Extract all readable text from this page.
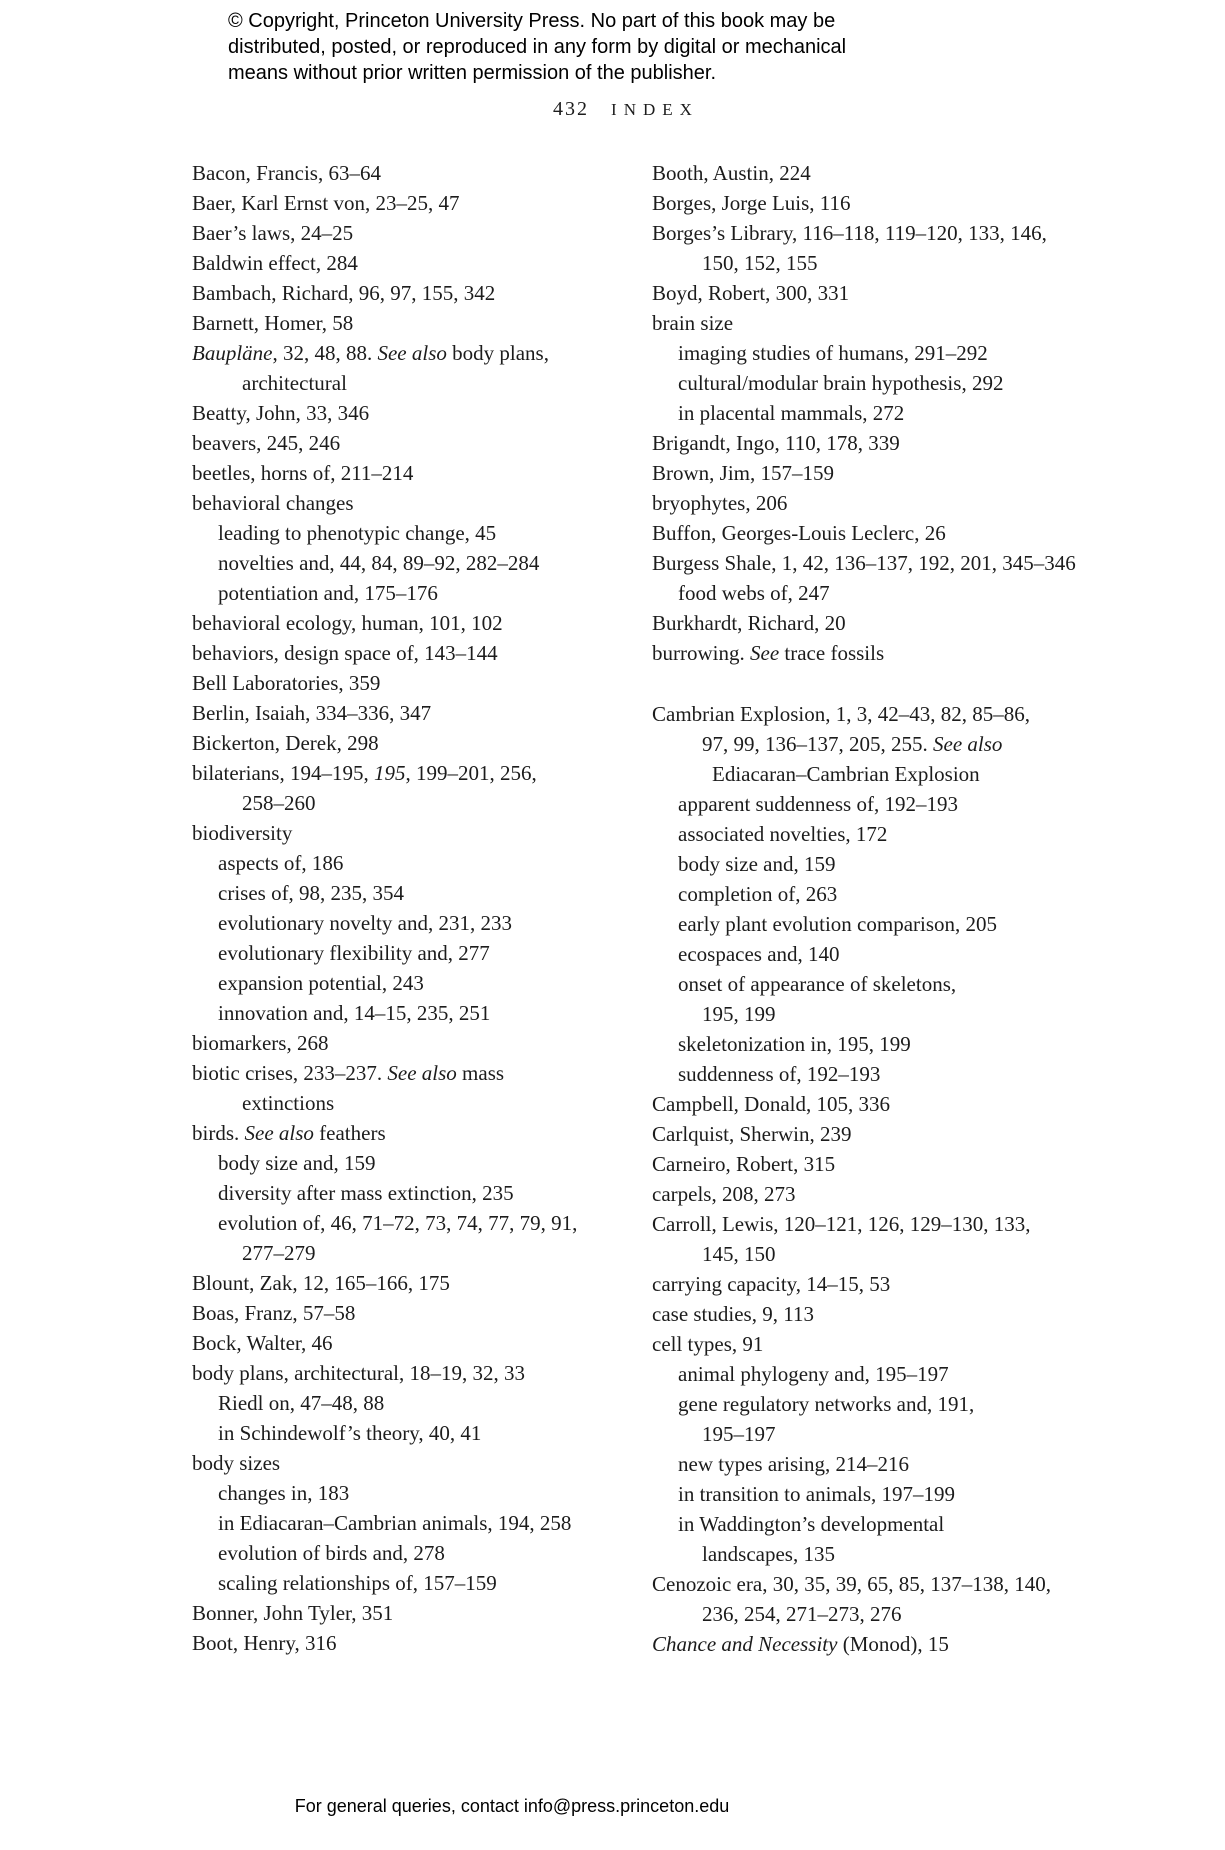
© Copyright, Princeton University Press. No part of this book may be
distributed, posted, or reproduced in any form by digital or mechanical
means without prior written permission of the publisher.
432 INDEX
Bacon, Francis, 63–64
Baer, Karl Ernst von, 23–25, 47
Baer’s laws, 24–25
Baldwin effect, 284
Bambach, Richard, 96, 97, 155, 342
Barnett, Homer, 58
Baupläne, 32, 48, 88. See also body plans,
architectural
Beatty, John, 33, 346
beavers, 245, 246
beetles, horns of, 211–214
behavioral changes
leading to phenotypic change, 45
novelties and, 44, 84, 89–92, 282–284
potentiation and, 175–176
behavioral ecology, human, 101, 102
behaviors, design space of, 143–144
Bell Laboratories, 359
Berlin, Isaiah, 334–336, 347
Bickerton, Derek, 298
bilaterians, 194–195, 195, 199–201, 256,
258–260
biodiversity
aspects of, 186
crises of, 98, 235, 354
evolutionary novelty and, 231, 233
evolutionary flexibility and, 277
expansion potential, 243
innovation and, 14–15, 235, 251
biomarkers, 268
biotic crises, 233–237. See also mass
extinctions
birds. See also feathers
body size and, 159
diversity after mass extinction, 235
evolution of, 46, 71–72, 73, 74, 77, 79, 91,
277–279
Blount, Zak, 12, 165–166, 175
Boas, Franz, 57–58
Bock, Walter, 46
body plans, architectural, 18–19, 32, 33
Riedl on, 47–48, 88
in Schindewolf’s theory, 40, 41
body sizes
changes in, 183
in Ediacaran–Cambrian animals, 194, 258
evolution of birds and, 278
scaling relationships of, 157–159
Bonner, John Tyler, 351
Boot, Henry, 316
Booth, Austin, 224
Borges, Jorge Luis, 116
Borges’s Library, 116–118, 119–120, 133, 146,
150, 152, 155
Boyd, Robert, 300, 331
brain size
imaging studies of humans, 291–292
cultural/modular brain hypothesis, 292
in placental mammals, 272
Brigandt, Ingo, 110, 178, 339
Brown, Jim, 157–159
bryophytes, 206
Buffon, Georges-Louis Leclerc, 26
Burgess Shale, 1, 42, 136–137, 192, 201, 345–346
food webs of, 247
Burkhardt, Richard, 20
burrowing. See trace fossils
Cambrian Explosion, 1, 3, 42–43, 82, 85–86,
97, 99, 136–137, 205, 255. See also
Ediacaran–Cambrian Explosion
apparent suddenness of, 192–193
associated novelties, 172
body size and, 159
completion of, 263
early plant evolution comparison, 205
ecospaces and, 140
onset of appearance of skeletons,
195, 199
skeletonization in, 195, 199
suddenness of, 192–193
Campbell, Donald, 105, 336
Carlquist, Sherwin, 239
Carneiro, Robert, 315
carpels, 208, 273
Carroll, Lewis, 120–121, 126, 129–130, 133,
145, 150
carrying capacity, 14–15, 53
case studies, 9, 113
cell types, 91
animal phylogeny and, 195–197
gene regulatory networks and, 191,
195–197
new types arising, 214–216
in transition to animals, 197–199
in Waddington’s developmental
landscapes, 135
Cenozoic era, 30, 35, 39, 65, 85, 137–138, 140,
236, 254, 271–273, 276
Chance and Necessity (Monod), 15
For general queries, contact info@press.princeton.edu
